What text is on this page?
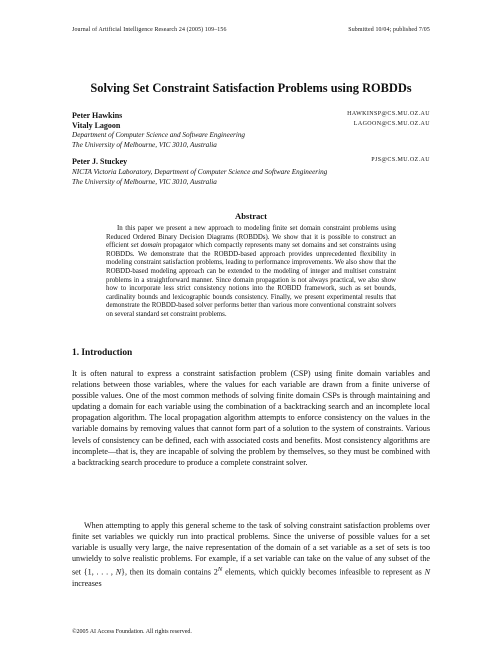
Journal of Artificial Intelligence Research 24 (2005) 109–156	Submitted 10/04; published 7/05
Solving Set Constraint Satisfaction Problems using ROBDDs
Peter Hawkins	HAWKINSP@CS.MU.OZ.AU
Vitaly Lagoon	LAGOON@CS.MU.OZ.AU
Department of Computer Science and Software Engineering
The University of Melbourne, VIC 3010, Australia
Peter J. Stuckey	PJS@CS.MU.OZ.AU
NICTA Victoria Laboratory, Department of Computer Science and Software Engineering
The University of Melbourne, VIC 3010, Australia
Abstract

In this paper we present a new approach to modeling finite set domain constraint problems using Reduced Ordered Binary Decision Diagrams (ROBDDs). We show that it is possible to construct an efficient set domain propagator which compactly represents many set domains and set constraints using ROBDDs. We demonstrate that the ROBDD-based approach provides unprecedented flexibility in modeling constraint satisfaction problems, leading to performance improvements. We also show that the ROBDD-based modeling approach can be extended to the modeling of integer and multiset constraint problems in a straightforward manner. Since domain propagation is not always practical, we also show how to incorporate less strict consistency notions into the ROBDD framework, such as set bounds, cardinality bounds and lexicographic bounds consistency. Finally, we present experimental results that demonstrate the ROBDD-based solver performs better than various more conventional constraint solvers on several standard set constraint problems.

1. Introduction

It is often natural to express a constraint satisfaction problem (CSP) using finite domain variables and relations between those variables, where the values for each variable are drawn from a finite universe of possible values. One of the most common methods of solving finite domain CSPs is through maintaining and updating a domain for each variable using the combination of a backtracking search and an incomplete local propagation algorithm. The local propagation algorithm attempts to enforce consistency on the values in the variable domains by removing values that cannot form part of a solution to the system of constraints. Various levels of consistency can be defined, each with associated costs and benefits. Most consistency algorithms are incomplete—that is, they are incapable of solving the problem by themselves, so they must be combined with a backtracking search procedure to produce a complete constraint solver.

When attempting to apply this general scheme to the task of solving constraint satisfaction problems over finite set variables we quickly run into practical problems. Since the universe of possible values for a set variable is usually very large, the naive representation of the domain of a set variable as a set of sets is too unwieldy to solve realistic problems. For example, if a set variable can take on the value of any subset of the set {1, . . . , N}, then its domain contains $2^N$ elements, which quickly becomes infeasible to represent as N increases

©2005 AI Access Foundation. All rights reserved.
